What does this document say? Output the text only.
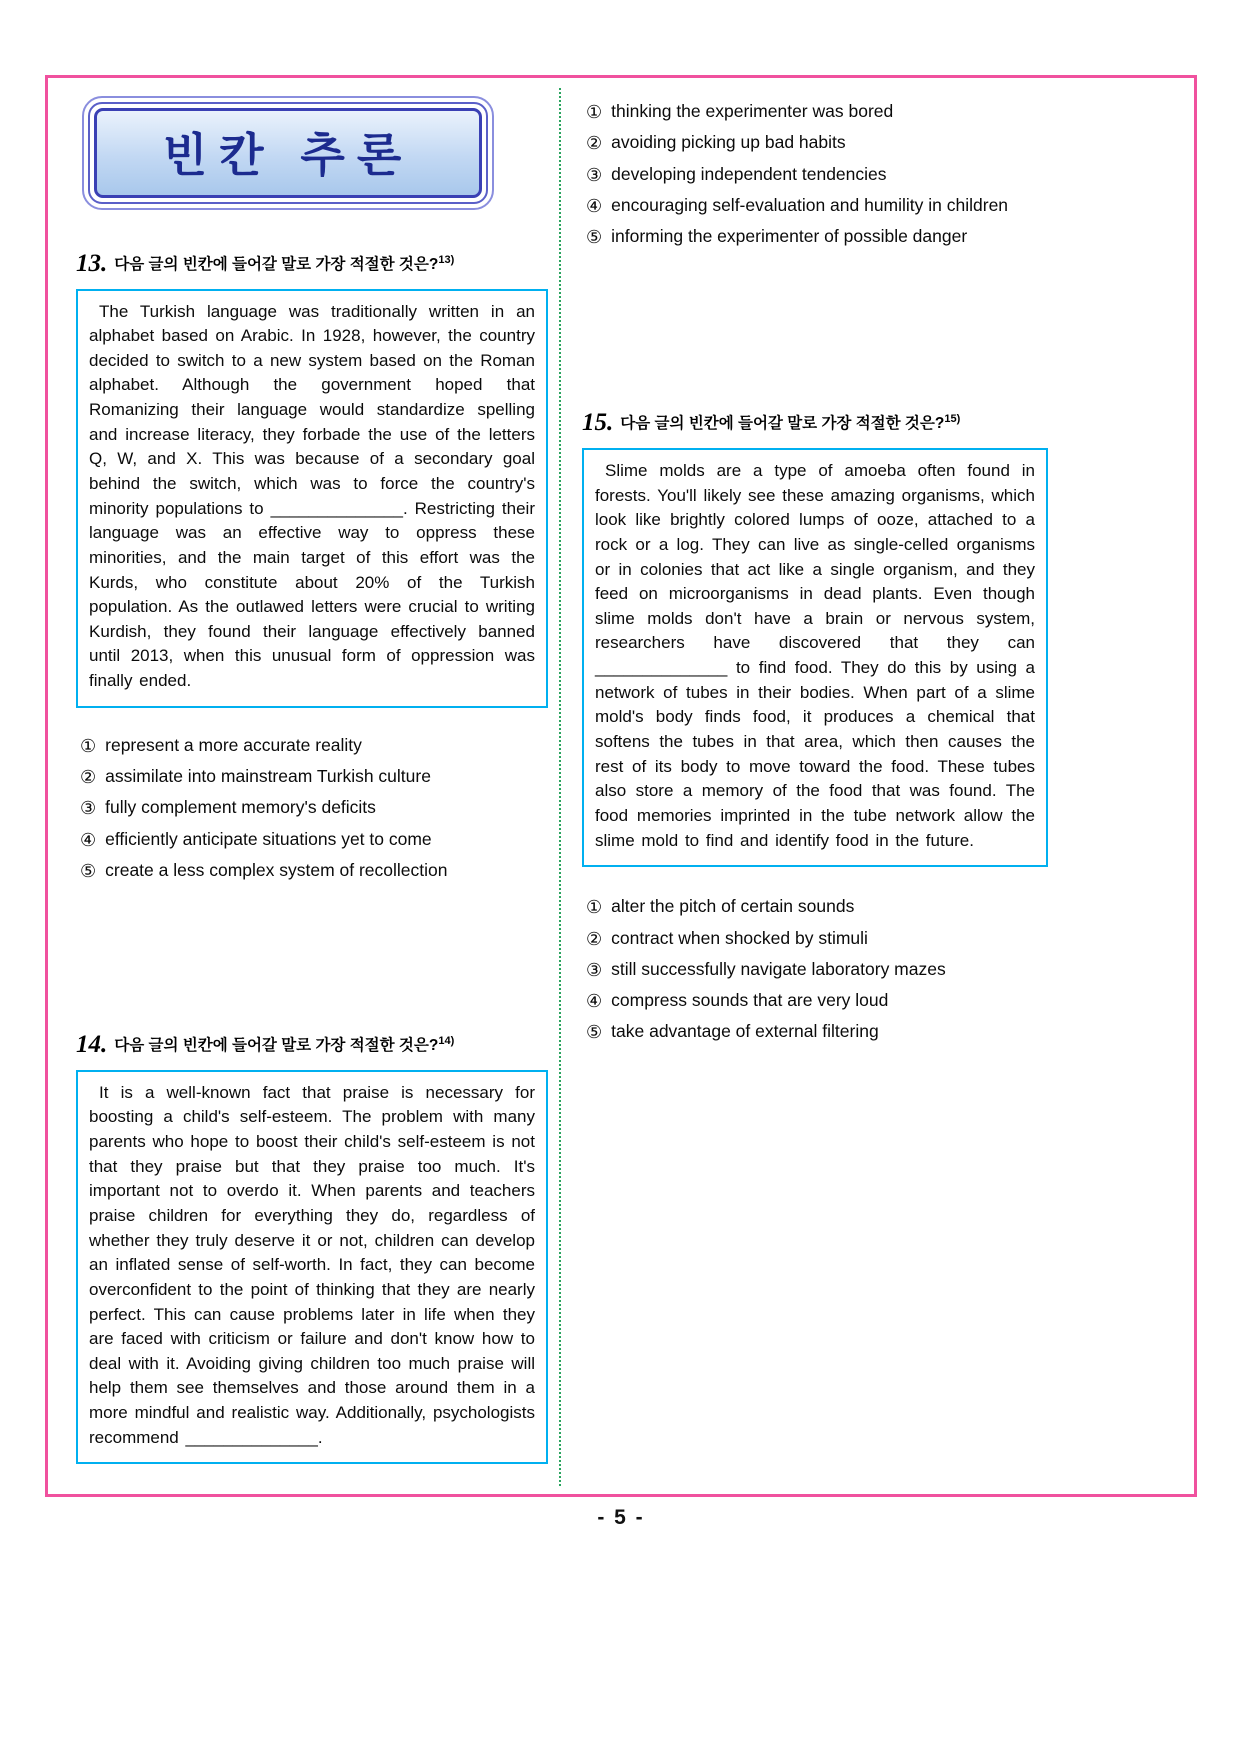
빈칸 추론
13. 다음 글의 빈칸에 들어갈 말로 가장 적절한 것은?$^{13)}$

The Turkish language was traditionally written in an alphabet based on Arabic. In 1928, however, the country decided to switch to a new system based on the Roman alphabet. Although the government hoped that Romanizing their language would standardize spelling and increase literacy, they forbade the use of the letters Q, W, and X. This was because of a secondary goal behind the switch, which was to force the country's minority populations to ______________. Restricting their language was an effective way to oppress these minorities, and the main target of this effort was the Kurds, who constitute about 20% of the Turkish population. As the outlawed letters were crucial to writing Kurdish, they found their language effectively banned until 2013, when this unusual form of oppression was finally ended.

① represent a more accurate reality
② assimilate into mainstream Turkish culture
③ fully complement memory's deficits
④ efficiently anticipate situations yet to come
⑤ create a less complex system of recollection
14. 다음 글의 빈칸에 들어갈 말로 가장 적절한 것은?$^{14)}$

It is a well-known fact that praise is necessary for boosting a child's self-esteem. The problem with many parents who hope to boost their child's self-esteem is not that they praise but that they praise too much. It's important not to overdo it. When parents and teachers praise children for everything they do, regardless of whether they truly deserve it or not, children can develop an inflated sense of self-worth. In fact, they can become overconfident to the point of thinking that they are nearly perfect. This can cause problems later in life when they are faced with criticism or failure and don't know how to deal with it. Avoiding giving children too much praise will help them see themselves and those around them in a more mindful and realistic way. Additionally, psychologists recommend ______________.

① thinking the experimenter was bored
② avoiding picking up bad habits
③ developing independent tendencies
④ encouraging self-evaluation and humility in children
⑤ informing the experimenter of possible danger
15. 다음 글의 빈칸에 들어갈 말로 가장 적절한 것은?$^{15)}$

Slime molds are a type of amoeba often found in forests. You'll likely see these amazing organisms, which look like brightly colored lumps of ooze, attached to a rock or a log. They can live as single-celled organisms or in colonies that act like a single organism, and they feed on microorganisms in dead plants. Even though slime molds don't have a brain or nervous system, researchers have discovered that they can ______________ to find food. They do this by using a network of tubes in their bodies. When part of a slime mold's body finds food, it produces a chemical that softens the tubes in that area, which then causes the rest of its body to move toward the food. These tubes also store a memory of the food that was found. The food memories imprinted in the tube network allow the slime mold to find and identify food in the future.

① alter the pitch of certain sounds
② contract when shocked by stimuli
③ still successfully navigate laboratory mazes
④ compress sounds that are very loud
⑤ take advantage of external filtering
- 5 -
